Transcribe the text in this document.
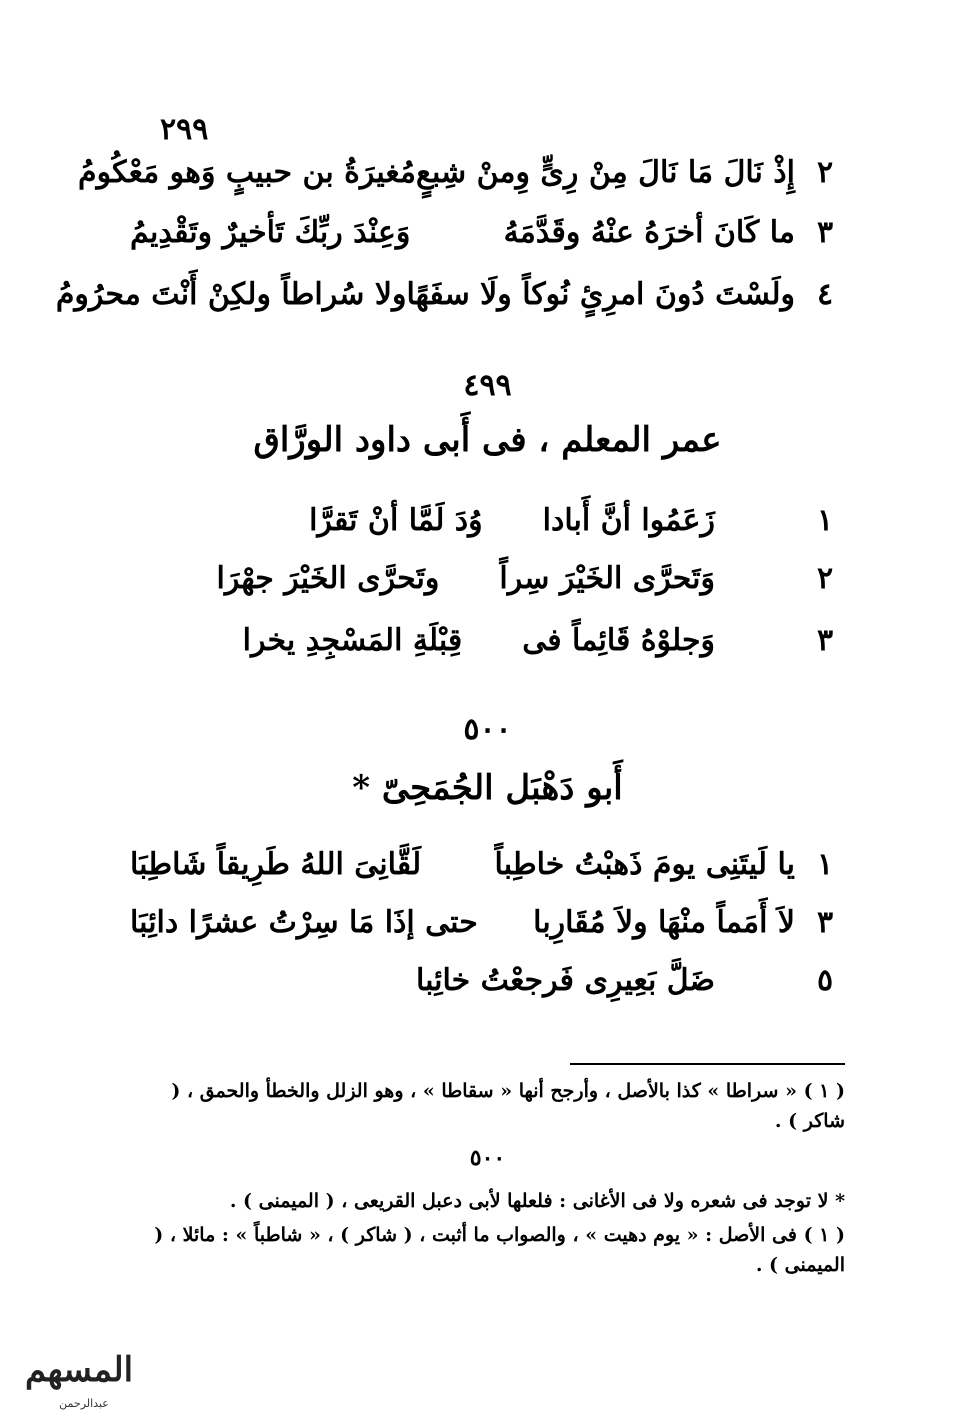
٢٩٩
٢
إِذْ نَالَ مَا نَالَ مِنْ رِىٍّ وِمنْ شِبعٍ
مُغيرَةُ بن حبيبٍ وَهو مَعْكُومُ
٣
ما كَانَ أخرَهُ عنْهُ وقَدَّمَهُ
وَعِنْدَ ربِّكَ تَأخيرٌ وتَقْدِيمُ
٤
ولَسْتَ دُونَ امرِئٍ نُوكاً ولَا سفَهًا
ولا سُراطاً ولكِنْ أَنْتَ محرُومُ
٤٩٩
عمر المعلم ، فى أَبى داود الورَّاق
١
زَعَمُوا أنَّ أَبادا
وُدَ لَمَّا أنْ تَقرَّا
٢
وَتَحرَّى الخَيْرَ سِراً
وتَحرَّى الخَيْرَ جهْرَا
٣
وَجلوْهُ قَائِماً فى
قِبْلَةِ المَسْجِدِ يخرا
٥٠٠
أَبو دَهْبَل الجُمَحِىّ *
١
يا لَيتَنِى يومَ ذَهبْتُ خاطِباً
لَقَّانِىَ اللهُ طَرِيقاً شَاطِبَا
٣
لاَ أَمَماً منْهَا ولاَ مُقَارِبا
حتى إذَا مَا سِرْتُ عشرًا دائِبَا
٥
ضَلَّ بَعِيرِى فَرجعْتُ خائِبا
( ١ ) « سراطا » كذا بالأصل ، وأرجح أنها « سقاطا » ، وهو الزلل والخطأ والحمق ، ( شاكر ) .
٥٠٠
* لا توجد فى شعره ولا فى الأغانى : فلعلها لأبى دعبل القريعى ، ( الميمنى ) .
( ١ ) فى الأصل : « يوم دهيت » ، والصواب ما أثبت ، ( شاكر ) ، « شاطباً » : مائلا ، ( الميمنى ) .
المسهم
عبدالرحمن
